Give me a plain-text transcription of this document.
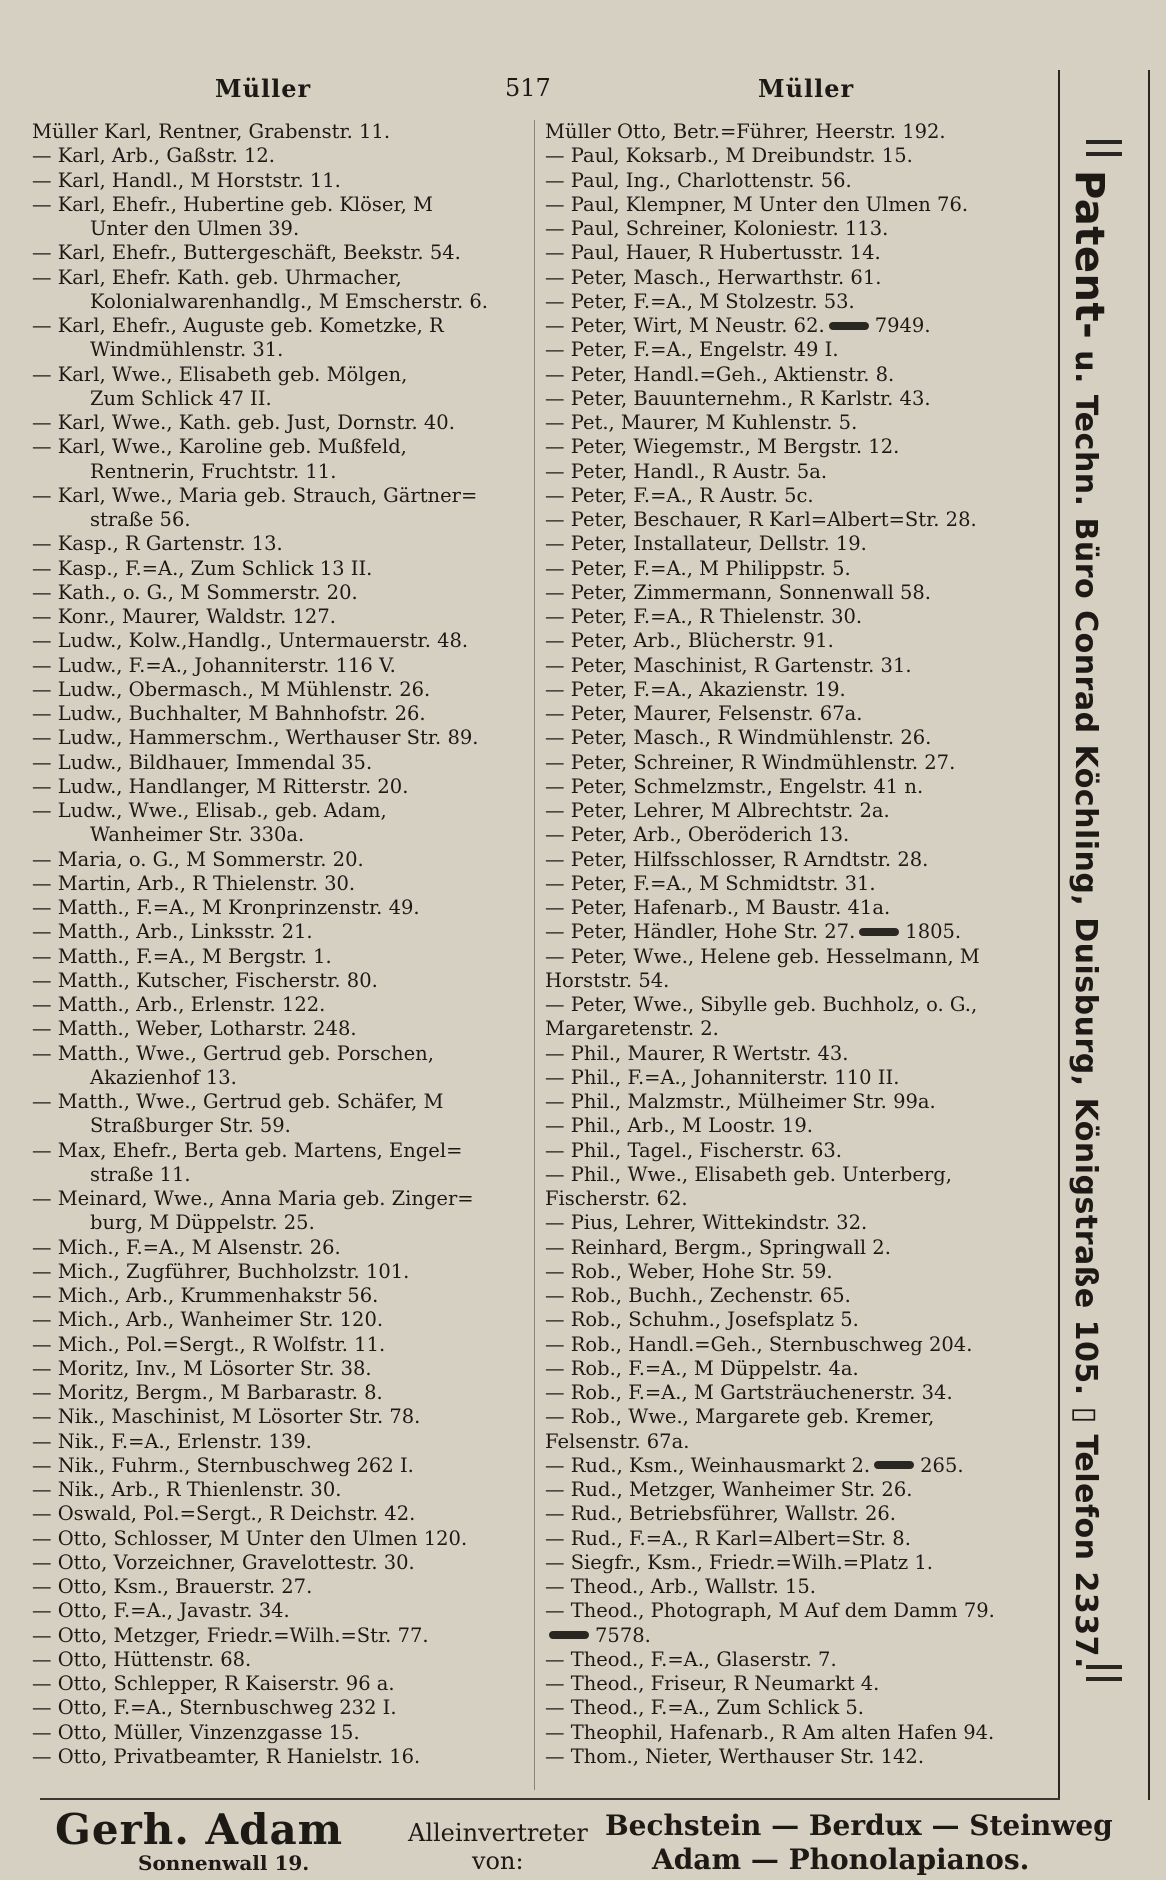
Müller	517	Müller
Müller Karl, Rentner, Grabenstr. 11.
— Karl, Arb., Gaßstr. 12.
— Karl, Handl., M Horststr. 11.
— Karl, Ehefr., Hubertine geb. Klöser, M
Unter den Ulmen 39.
— Karl, Ehefr., Buttergeschäft, Beekstr. 54.
— Karl, Ehefr. Kath. geb. Uhrmacher,
Kolonialwarenhandlg., M Emscherstr. 6.
— Karl, Ehefr., Auguste geb. Kometzke, R
Windmühlenstr. 31.
— Karl, Wwe., Elisabeth geb. Mölgen,
Zum Schlick 47 II.
— Karl, Wwe., Kath. geb. Just, Dornstr. 40.
— Karl, Wwe., Karoline geb. Mußfeld,
Rentnerin, Fruchtstr. 11.
— Karl, Wwe., Maria geb. Strauch, Gärtner=
straße 56.
— Kasp., R Gartenstr. 13.
— Kasp., F.=A., Zum Schlick 13 II.
— Kath., o. G., M Sommerstr. 20.
— Konr., Maurer, Waldstr. 127.
— Ludw., Kolw.,Handlg., Untermauerstr. 48.
— Ludw., F.=A., Johanniterstr. 116 V.
— Ludw., Obermasch., M Mühlenstr. 26.
— Ludw., Buchhalter, M Bahnhofstr. 26.
— Ludw., Hammerschm., Werthauser Str. 89.
— Ludw., Bildhauer, Immendal 35.
— Ludw., Handlanger, M Ritterstr. 20.
— Ludw., Wwe., Elisab., geb. Adam,
Wanheimer Str. 330a.
— Maria, o. G., M Sommerstr. 20.
— Martin, Arb., R Thielenstr. 30.
— Matth., F.=A., M Kronprinzenstr. 49.
— Matth., Arb., Linksstr. 21.
— Matth., F.=A., M Bergstr. 1.
— Matth., Kutscher, Fischerstr. 80.
— Matth., Arb., Erlenstr. 122.
— Matth., Weber, Lotharstr. 248.
— Matth., Wwe., Gertrud geb. Porschen,
Akazienhof 13.
— Matth., Wwe., Gertrud geb. Schäfer, M
Straßburger Str. 59.
— Max, Ehefr., Berta geb. Martens, Engel=
straße 11.
— Meinard, Wwe., Anna Maria geb. Zinger=
burg, M Düppelstr. 25.
— Mich., F.=A., M Alsenstr. 26.
— Mich., Zugführer, Buchholzstr. 101.
— Mich., Arb., Krummenhakstr 56.
— Mich., Arb., Wanheimer Str. 120.
— Mich., Pol.=Sergt., R Wolfstr. 11.
— Moritz, Inv., M Lösorter Str. 38.
— Moritz, Bergm., M Barbarastr. 8.
— Nik., Maschinist, M Lösorter Str. 78.
— Nik., F.=A., Erlenstr. 139.
— Nik., Fuhrm., Sternbuschweg 262 I.
— Nik., Arb., R Thienlenstr. 30.
— Oswald, Pol.=Sergt., R Deichstr. 42.
— Otto, Schlosser, M Unter den Ulmen 120.
— Otto, Vorzeichner, Gravelottestr. 30.
— Otto, Ksm., Brauerstr. 27.
— Otto, F.=A., Javastr. 34.
— Otto, Metzger, Friedr.=Wilh.=Str. 77.
— Otto, Hüttenstr. 68.
— Otto, Schlepper, R Kaiserstr. 96 a.
— Otto, F.=A., Sternbuschweg 232 I.
— Otto, Müller, Vinzenzgasse 15.
— Otto, Privatbeamter, R Hanielstr. 16.
Müller Otto, Betr.=Führer, Heerstr. 192.
— Paul, Koksarb., M Dreibundstr. 15.
— Paul, Ing., Charlottenstr. 56.
— Paul, Klempner, M Unter den Ulmen 76.
— Paul, Schreiner, Koloniestr. 113.
— Paul, Hauer, R Hubertusstr. 14.
— Peter, Masch., Herwarthstr. 61.
— Peter, F.=A., M Stolzestr. 53.
— Peter, Wirt, M Neustr. 62.	7949.
— Peter, F.=A., Engelstr. 49 I.
— Peter, Handl.=Geh., Aktienstr. 8.
— Peter, Bauunternehm., R Karlstr. 43.
— Pet., Maurer, M Kuhlenstr. 5.
— Peter, Wiegemstr., M Bergstr. 12.
— Peter, Handl., R Austr. 5a.
— Peter, F.=A., R Austr. 5c.
— Peter, Beschauer, R Karl=Albert=Str. 28.
— Peter, Installateur, Dellstr. 19.
— Peter, F.=A., M Philippstr. 5.
— Peter, Zimmermann, Sonnenwall 58.
— Peter, F.=A., R Thielenstr. 30.
— Peter, Arb., Blücherstr. 91.
— Peter, Maschinist, R Gartenstr. 31.
— Peter, F.=A., Akazienstr. 19.
— Peter, Maurer, Felsenstr. 67a.
— Peter, Masch., R Windmühlenstr. 26.
— Peter, Schreiner, R Windmühlenstr. 27.
— Peter, Schmelzmstr., Engelstr. 41 n.
— Peter, Lehrer, M Albrechtstr. 2a.
— Peter, Arb., Oberöderich 13.
— Peter, Hilfsschlosser, R Arndtstr. 28.
— Peter, F.=A., M Schmidtstr. 31.
— Peter, Hafenarb., M Baustr. 41a.
— Peter, Händler, Hohe Str. 27.	1805.
— Peter, Wwe., Helene geb. Hesselmann, M
Horststr. 54.
— Peter, Wwe., Sibylle geb. Buchholz, o. G.,
Margaretenstr. 2.
— Phil., Maurer, R Wertstr. 43.
— Phil., F.=A., Johanniterstr. 110 II.
— Phil., Malzmstr., Mülheimer Str. 99a.
— Phil., Arb., M Loostr. 19.
— Phil., Tagel., Fischerstr. 63.
— Phil., Wwe., Elisabeth geb. Unterberg,
Fischerstr. 62.
— Pius, Lehrer, Wittekindstr. 32.
— Reinhard, Bergm., Springwall 2.
— Rob., Weber, Hohe Str. 59.
— Rob., Buchh., Zechenstr. 65.
— Rob., Schuhm., Josefsplatz 5.
— Rob., Handl.=Geh., Sternbuschweg 204.
— Rob., F.=A., M Düppelstr. 4a.
— Rob., F.=A., M Gartsträuchenerstr. 34.
— Rob., Wwe., Margarete geb. Kremer,
Felsenstr. 67a.
— Rud., Ksm., Weinhausmarkt 2.	265.
— Rud., Metzger, Wanheimer Str. 26.
— Rud., Betriebsführer, Wallstr. 26.
— Rud., F.=A., R Karl=Albert=Str. 8.
— Siegfr., Ksm., Friedr.=Wilh.=Platz 1.
— Theod., Arb., Wallstr. 15.
— Theod., Photograph, M Auf dem Damm 79.
7578.
— Theod., F.=A., Glaserstr. 7.
— Theod., Friseur, R Neumarkt 4.
— Theod., F.=A., Zum Schlick 5.
— Theophil, Hafenarb., R Am alten Hafen 94.
— Thom., Nieter, Werthauser Str. 142.
Patent- u. Techn. Büro Conrad Köchling, Duisburg, Königstraße 105. ▯ Telefon 2337.
Gerh. Adam
Sonnenwall 19.
Alleinvertreter
von:
Bechstein — Berdux — Steinweg
Adam — Phonolapianos.
